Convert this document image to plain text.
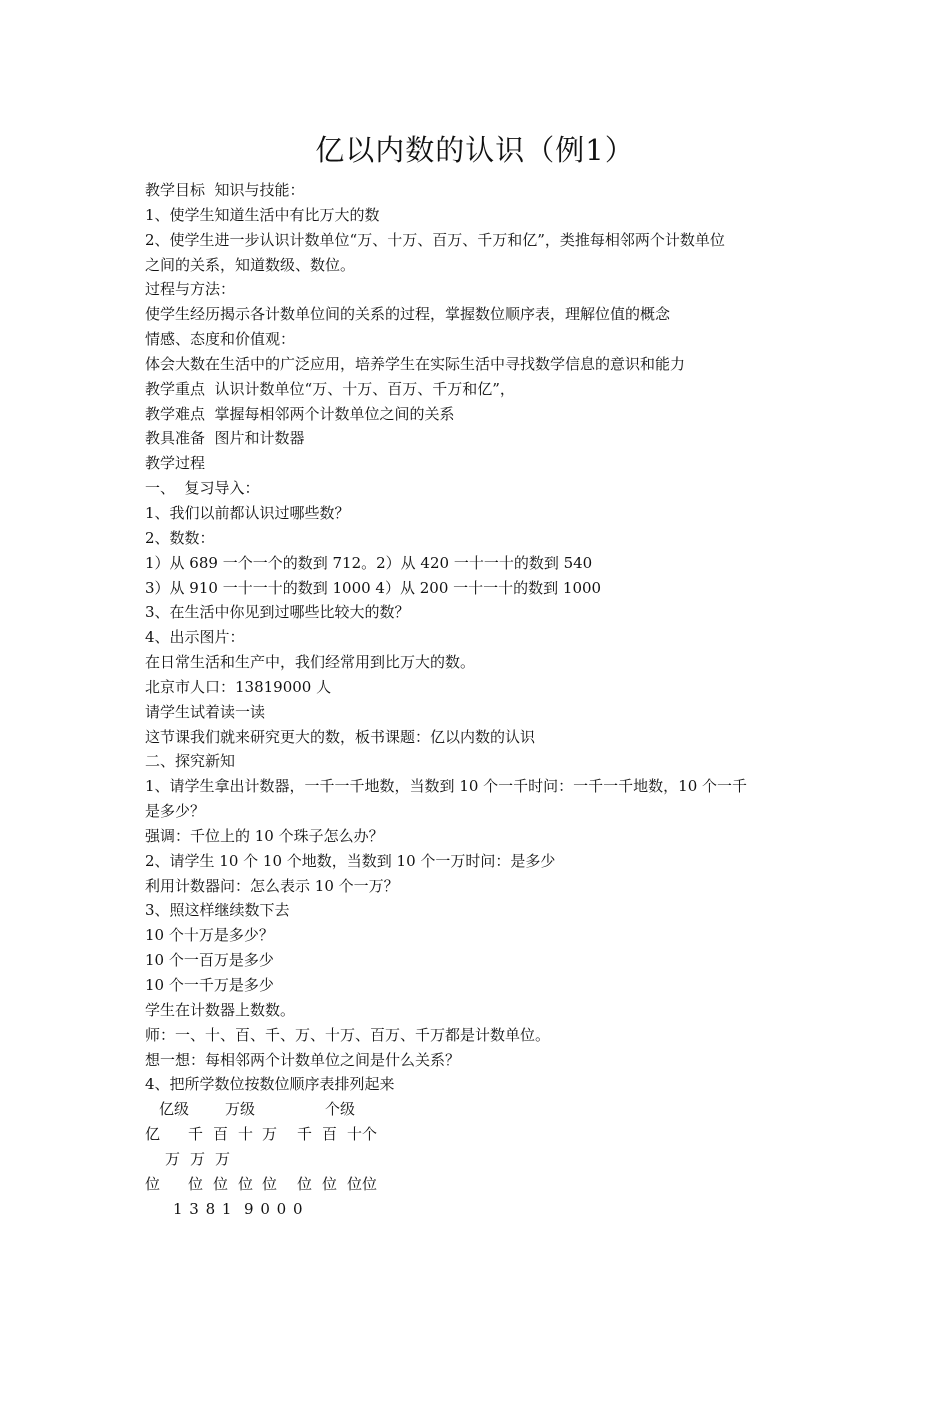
亿以内数的认识（例1）
教学目标  知识与技能：
1、使学生知道生活中有比万大的数
2、使学生进一步认识计数单位“万、十万、百万、千万和亿”，类推每相邻两个计数单位
之间的关系，知道数级、数位。
过程与方法：
使学生经历揭示各计数单位间的关系的过程，掌握数位顺序表，理解位值的概念
情感、态度和价值观：
体会大数在生活中的广泛应用，培养学生在实际生活中寻找数学信息的意识和能力
教学重点  认识计数单位“万、十万、百万、千万和亿”，
教学难点  掌握每相邻两个计数单位之间的关系
教具准备  图片和计数器
教学过程
一、  复习导入：
1、我们以前都认识过哪些数？
2、数数：
1）从 689 一个一个的数到 712。2）从 420 一十一十的数到 540
3）从 910 一十一十的数到 1000 4）从 200 一十一十的数到 1000
3、在生活中你见到过哪些比较大的数？
4、出示图片：
在日常生活和生产中，我们经常用到比万大的数。
北京市人口：13819000 人
请学生试着读一读
这节课我们就来研究更大的数，板书课题：亿以内数的认识
二、探究新知
1、请学生拿出计数器，一千一千地数，当数到 10 个一千时问：一千一千地数，10 个一千
是多少？
强调：千位上的 10 个珠子怎么办？
2、请学生 10 个 10 个地数，当数到 10 个一万时问：是多少
利用计数器问：怎么表示 10 个一万？
3、照这样继续数下去
10 个十万是多少？
10 个一百万是多少
10 个一千万是多少
学生在计数器上数数。
师：一、十、百、千、万、十万、百万、千万都是计数单位。
想一想：每相邻两个计数单位之间是什么关系？
4、把所学数位按数位顺序表排列起来

亿级

万级

	个级

亿

千

百

十

万

千

百

十个

万

万

万

位

位

位

位

位

位

位

位位

1 3 8 1  9 0 0 0
